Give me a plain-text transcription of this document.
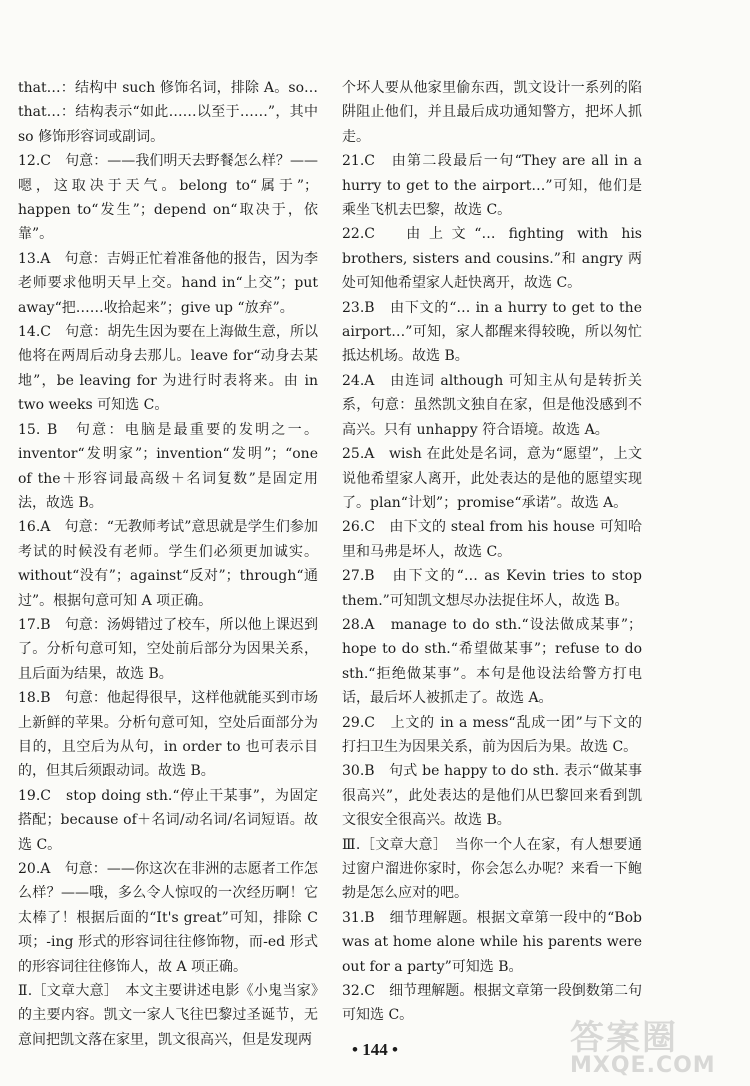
that…：结构中 such 修饰名词，排除 A。so… that…：结构表示“如此……以至于……”，其中 so 修饰形容词或副词。

12.C　句意：——我们明天去野餐怎么样？——嗯，这取决于天气。belong to“属于”；happen to“发生”；depend on“取决于，依靠”。

13.A　句意：吉姆正忙着准备他的报告，因为李老师要求他明天早上交。hand in“上交”；put away“把……收拾起来”；give up “放弃”。

14.C　句意：胡先生因为要在上海做生意，所以他将在两周后动身去那儿。leave for“动身去某地”，be leaving for 为进行时表将来。由 in two weeks 可知选 C。

15. B　句意：电脑是最重要的发明之一。inventor“发明家”；invention“发明”；“one of the＋形容词最高级＋名词复数”是固定用法，故选 B。

16.A　句意：“无教师考试”意思就是学生们参加考试的时候没有老师。学生们必须更加诚实。without“没有”；against“反对”；through“通过”。根据句意可知 A 项正确。

17.B　句意：汤姆错过了校车，所以他上课迟到了。分析句意可知，空处前后部分为因果关系，且后面为结果，故选 B。

18.B　句意：他起得很早，这样他就能买到市场上新鲜的苹果。分析句意可知，空处后面部分为目的，且空后为从句，in order to 也可表示目的，但其后须跟动词。故选 B。

19.C　stop doing sth.“停止干某事”，为固定搭配；because of＋名词/动名词/名词短语。故选 C。

20.A　句意：——你这次在非洲的志愿者工作怎么样？——哦，多么令人惊叹的一次经历啊！它太棒了！根据后面的“It's great”可知，排除 C 项；-ing 形式的形容词往往修饰物，而-ed 形式的形容词往往修饰人，故 A 项正确。

Ⅱ.［文章大意］　本文主要讲述电影《小鬼当家》的主要内容。凯文一家人飞往巴黎过圣诞节，无意间把凯文落在家里，凯文很高兴，但是发现两

个坏人要从他家里偷东西，凯文设计一系列的陷阱阻止他们，并且最后成功通知警方，把坏人抓走。

21.C　由第二段最后一句“They are all in a hurry to get to the airport…”可知，他们是乘坐飞机去巴黎，故选 C。

22.C　由上文“… fighting with his brothers, sisters and cousins.”和 angry 两处可知他希望家人赶快离开，故选 C。

23.B　由下文的“… in a hurry to get to the airport…”可知，家人都醒来得较晚，所以匆忙抵达机场。故选 B。

24.A　由连词 although 可知主从句是转折关系，句意：虽然凯文独自在家，但是他没感到不高兴。只有 unhappy 符合语境。故选 A。

25.A　wish 在此处是名词，意为“愿望”，上文说他希望家人离开，此处表达的是他的愿望实现了。plan“计划”；promise“承诺”。故选 A。

26.C　由下文的 steal from his house 可知哈里和马弗是坏人，故选 C。

27.B　由下文的“… as Kevin tries to stop them.”可知凯文想尽办法捉住坏人，故选 B。

28.A　manage to do sth.“设法做成某事”；hope to do sth.“希望做某事”；refuse to do sth.“拒绝做某事”。本句是他设法给警方打电话，最后坏人被抓走了。故选 A。

29.C　上文的 in a mess“乱成一团”与下文的打扫卫生为因果关系，前为因后为果。故选 C。

30.B　句式 be happy to do sth. 表示“做某事很高兴”，此处表达的是他们从巴黎回来看到凯文很安全很高兴。故选 B。

Ⅲ.［文章大意］　当你一个人在家，有人想要通过窗户溜进你家时，你会怎么办呢？来看一下鲍勃是怎么应对的吧。

31.B　细节理解题。根据文章第一段中的“Bob was at home alone while his parents were out for a party”可知选 B。

32.C　细节理解题。根据文章第一段倒数第二句可知选 C。

• 144 •	答案圈
MXQE.COM
